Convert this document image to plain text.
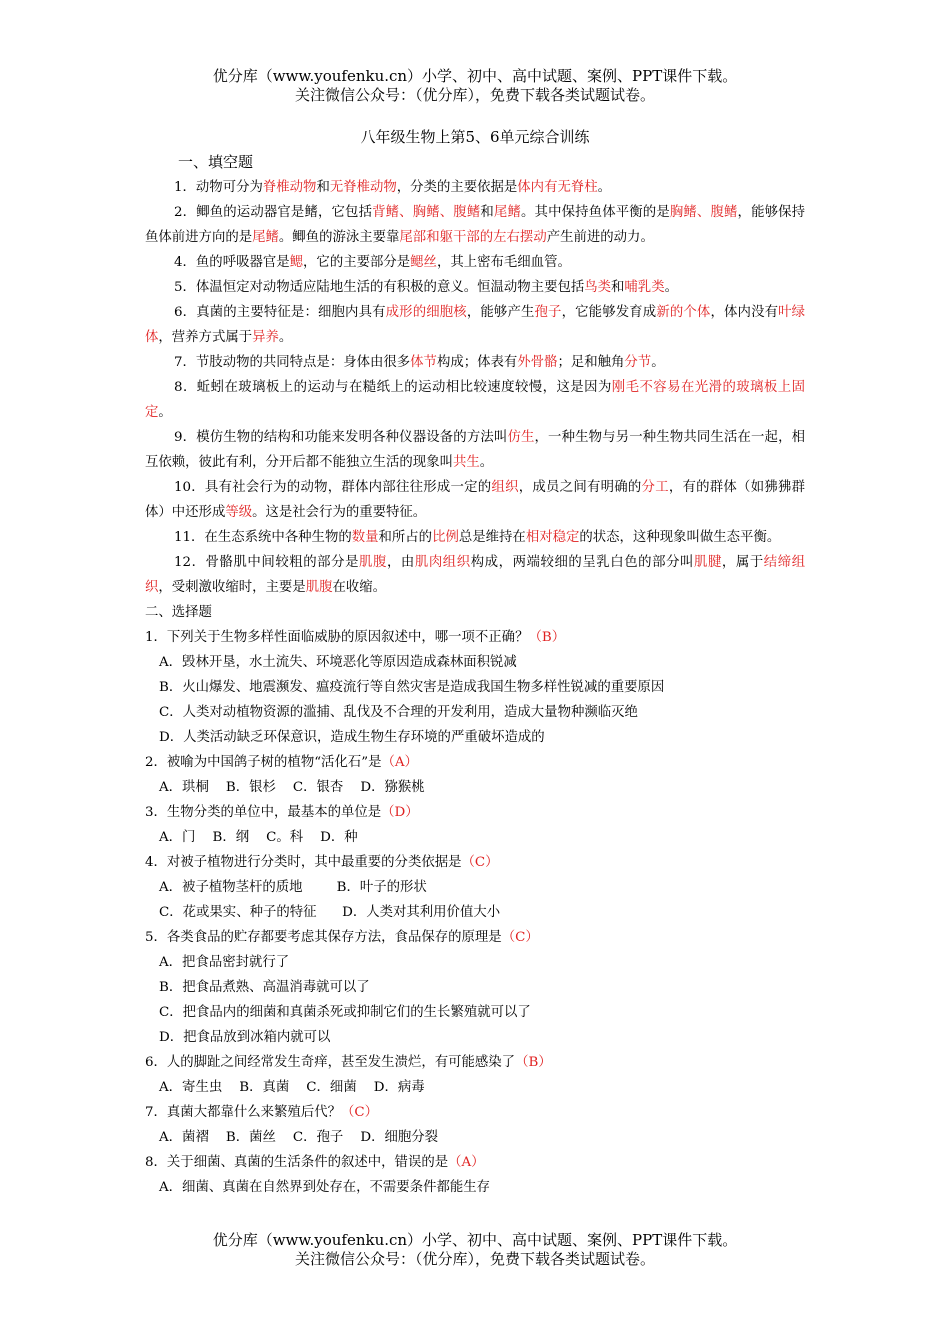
优分库（www.youfenku.cn）小学、初中、高中试题、案例、PPT课件下载。
关注微信公众号：（优分库），免费下载各类试题试卷。
八年级生物上第5、6单元综合训练
一、填空题
1．动物可分为脊椎动物和无脊椎动物，分类的主要依据是体内有无脊柱。
2．鲫鱼的运动器官是鳍，它包括背鳍、胸鳍、腹鳍和尾鳍。其中保持鱼体平衡的是胸鳍、腹鳍，能够保持鱼体前进方向的是尾鳍。鲫鱼的游泳主要靠尾部和躯干部的左右摆动产生前进的动力。
4．鱼的呼吸器官是鳃，它的主要部分是鳃丝，其上密布毛细血管。
5．体温恒定对动物适应陆地生活的有积极的意义。恒温动物主要包括鸟类和哺乳类。
6．真菌的主要特征是：细胞内具有成形的细胞核，能够产生孢子，它能够发育成新的个体，体内没有叶绿体，营养方式属于异养。
7．节肢动物的共同特点是：身体由很多体节构成；体表有外骨骼；足和触角分节。
8．蚯蚓在玻璃板上的运动与在糙纸上的运动相比较速度较慢，这是因为刚毛不容易在光滑的玻璃板上固定。
9．模仿生物的结构和功能来发明各种仪器设备的方法叫仿生，一种生物与另一种生物共同生活在一起，相互依赖，彼此有利，分开后都不能独立生活的现象叫共生。
10．具有社会行为的动物，群体内部往往形成一定的组织，成员之间有明确的分工，有的群体（如狒狒群体）中还形成等级。这是社会行为的重要特征。
11．在生态系统中各种生物的数量和所占的比例总是维持在相对稳定的状态，这种现象叫做生态平衡。
12．骨骼肌中间较粗的部分是肌腹，由肌肉组织构成，两端较细的呈乳白色的部分叫肌腱，属于结缔组织，受刺激收缩时，主要是肌腹在收缩。
二、选择题
1．下列关于生物多样性面临威胁的原因叙述中，哪一项不正确？（B）
A．毁林开垦，水土流失、环境恶化等原因造成森林面积锐减
B．火山爆发、地震濒发、瘟疫流行等自然灾害是造成我国生物多样性锐减的重要原因
C．人类对动植物资源的滥捕、乱伐及不合理的开发利用，造成大量物种濒临灭绝
D．人类活动缺乏环保意识，造成生物生存环境的严重破坏造成的
2．被喻为中国鸽子树的植物“活化石”是（A）
A．珙桐    B．银杉    C．银杏    D．猕猴桃
3．生物分类的单位中，最基本的单位是（D）
A．门    B．纲    C。科    D．种
4．对被子植物进行分类时，其中最重要的分类依据是（C）
A．被子植物茎杆的质地        B．叶子的形状
C．花或果实、种子的特征      D．人类对其利用价值大小
5．各类食品的贮存都要考虑其保存方法，食品保存的原理是（C）
A．把食品密封就行了
B．把食品煮熟、高温消毒就可以了
C．把食品内的细菌和真菌杀死或抑制它们的生长繁殖就可以了
D．把食品放到冰箱内就可以
6．人的脚趾之间经常发生奇痒，甚至发生溃烂，有可能感染了（B）
A．寄生虫    B．真菌    C．细菌    D．病毒
7．真菌大都靠什么来繁殖后代？（C）
A．菌褶    B．菌丝    C．孢子    D．细胞分裂
8．关于细菌、真菌的生活条件的叙述中，错误的是（A）
A．细菌、真菌在自然界到处存在，不需要条件都能生存
优分库（www.youfenku.cn）小学、初中、高中试题、案例、PPT课件下载。
关注微信公众号：（优分库），免费下载各类试题试卷。
